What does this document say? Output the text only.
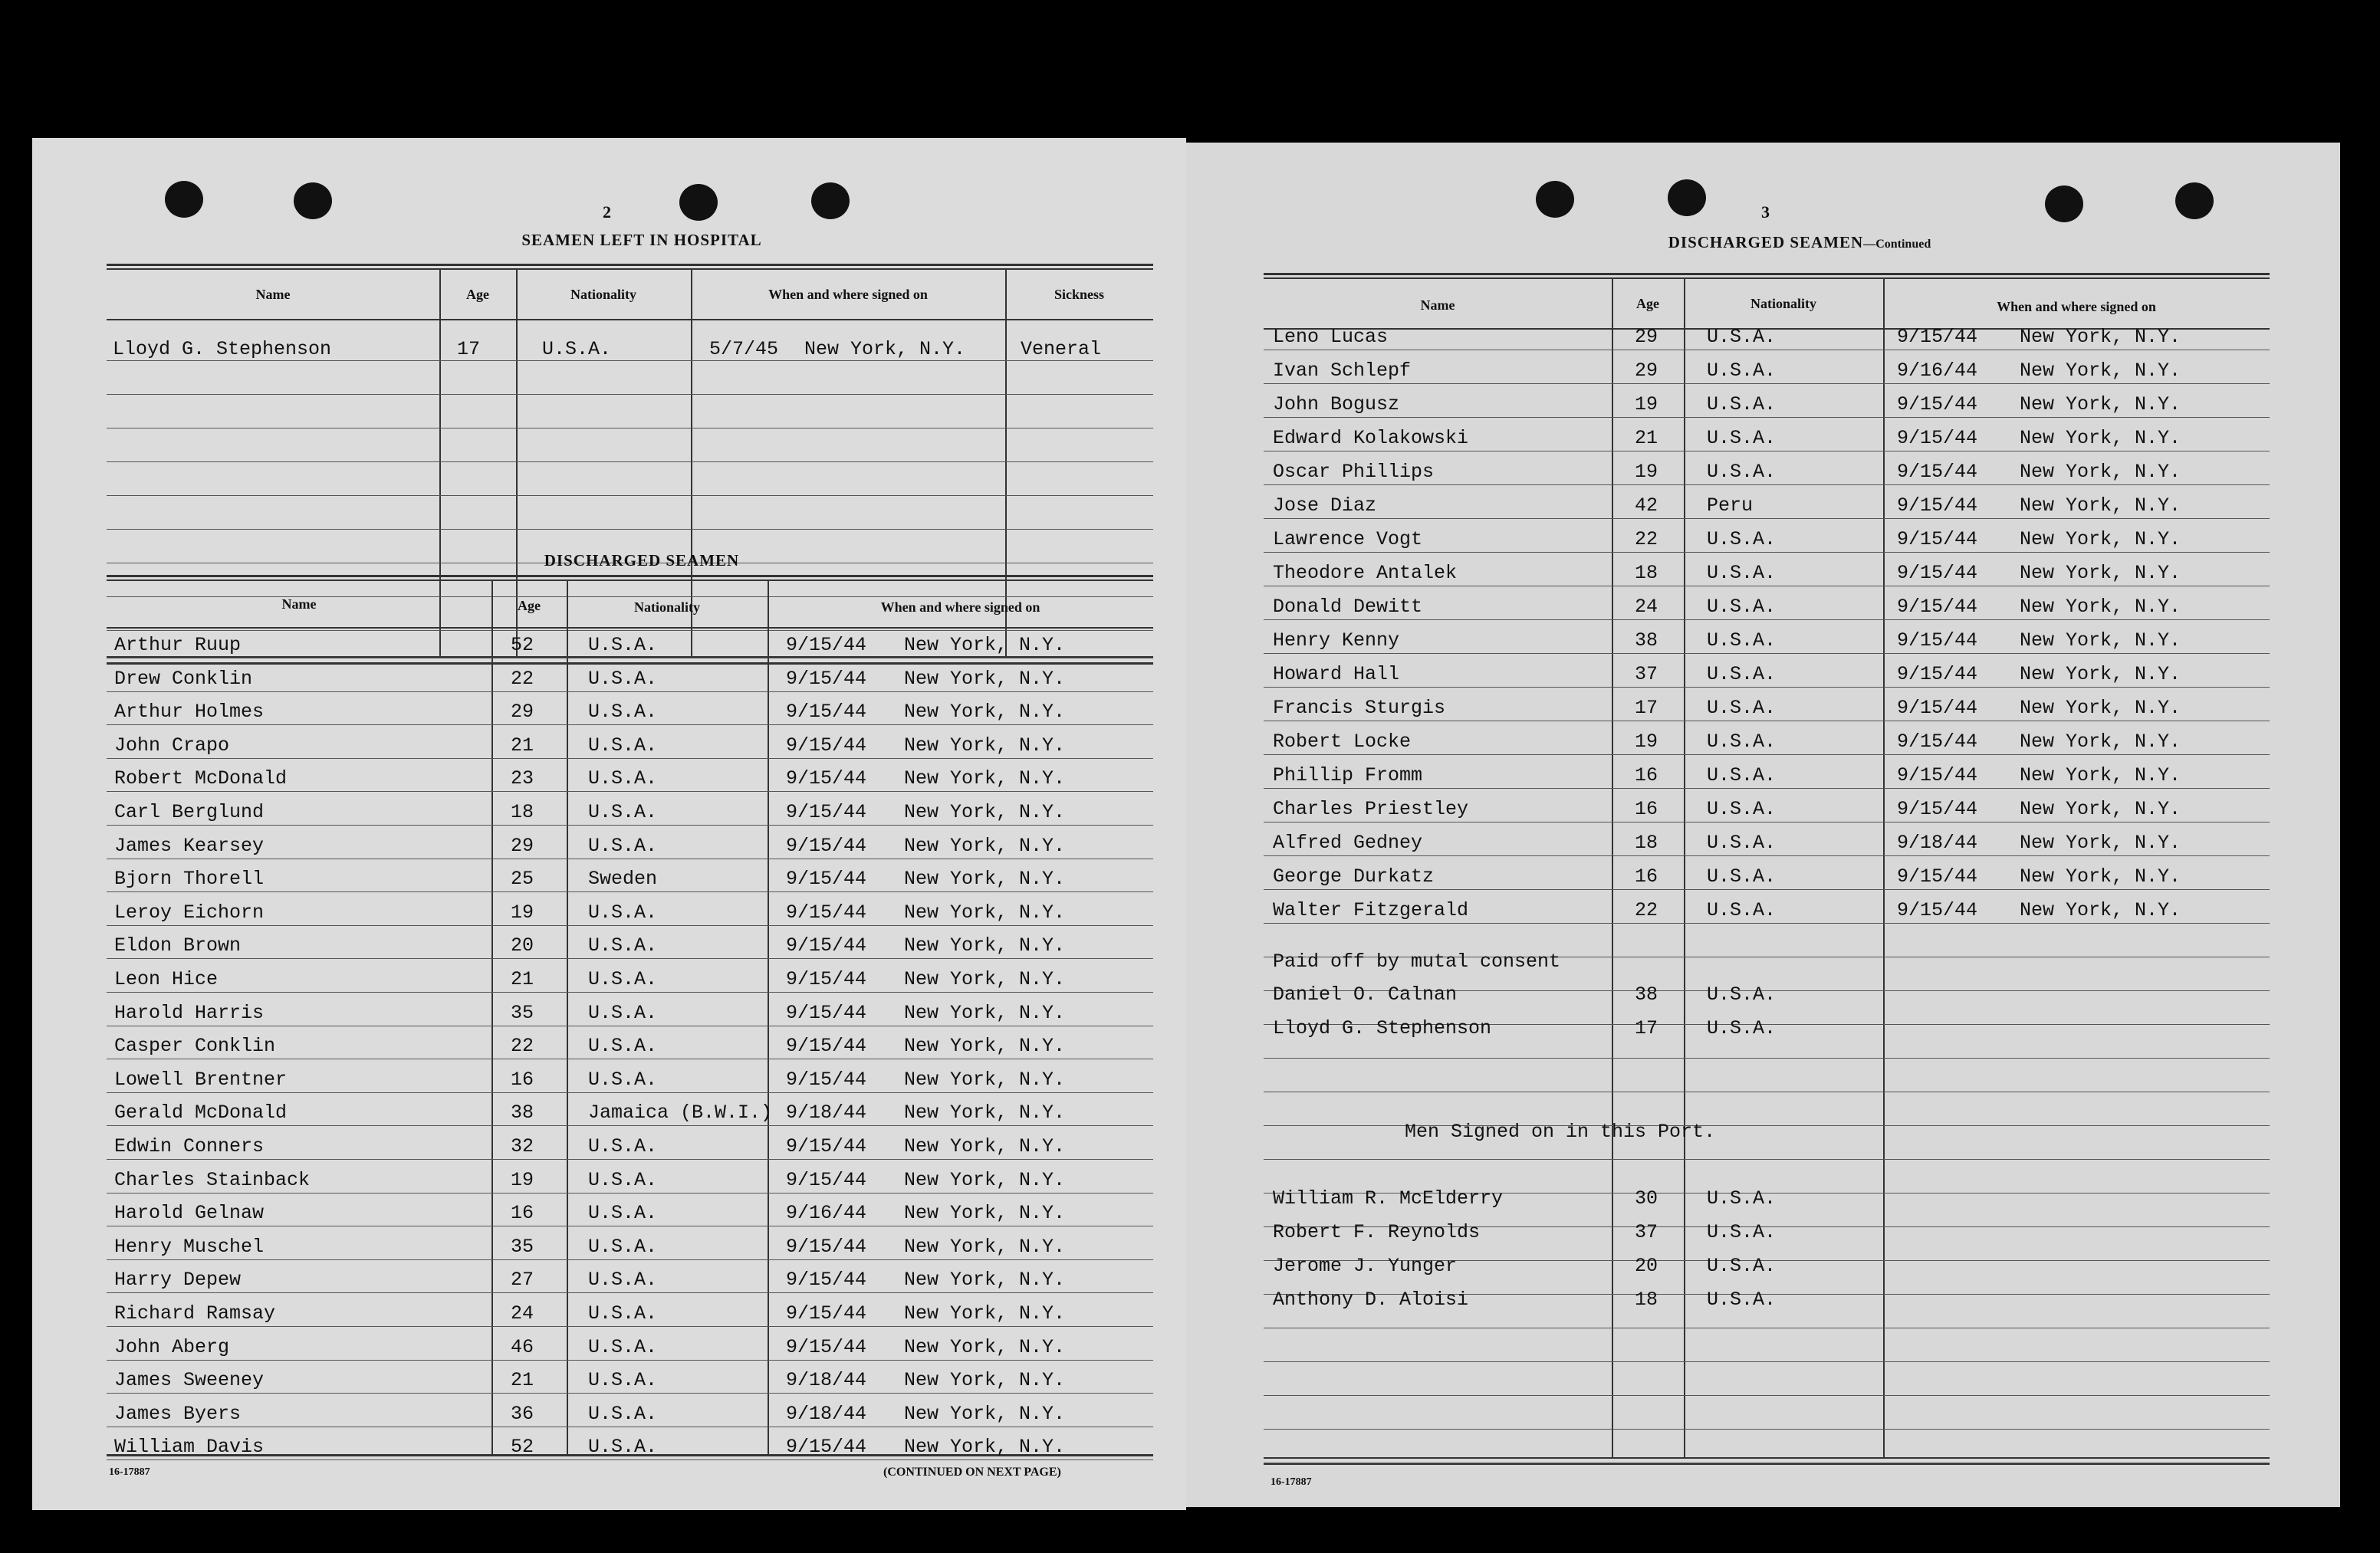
2
SEAMEN LEFT IN HOSPITAL
Name	Age	Nationality	When and where signed on	Sickness
Lloyd G. Stephenson	17	U.S.A.	5/7/45 New York, N.Y.	Veneral
DISCHARGED SEAMEN
Name	Age	Nationality	When and where signed on
Arthur Ruup	52	U.S.A.	9/15/44 New York, N.Y.
Drew Conklin	22	U.S.A.	9/15/44 New York, N.Y.
Arthur Holmes	29	U.S.A.	9/15/44 New York, N.Y.
John Crapo	21	U.S.A.	9/15/44 New York, N.Y.
Robert McDonald	23	U.S.A.	9/15/44 New York, N.Y.
Carl Berglund	18	U.S.A.	9/15/44 New York, N.Y.
James Kearsey	29	U.S.A.	9/15/44 New York, N.Y.
Bjorn Thorell	25	Sweden	9/15/44 New York, N.Y.
Leroy Eichorn	19	U.S.A.	9/15/44 New York, N.Y.
Eldon Brown	20	U.S.A.	9/15/44 New York, N.Y.
Leon Hice	21	U.S.A.	9/15/44 New York, N.Y.
Harold Harris	35	U.S.A.	9/15/44 New York, N.Y.
Casper Conklin	22	U.S.A.	9/15/44 New York, N.Y.
Lowell Brentner	16	U.S.A.	9/15/44 New York, N.Y.
Gerald McDonald	38	Jamaica (B.W.I.) 9/18/44 New York, N.Y.
Edwin Conners	32	U.S.A.	9/15/44 New York, N.Y.
Charles Stainback	19	U.S.A.	9/15/44 New York, N.Y.
Harold Gelnaw	16	U.S.A.	9/16/44 New York, N.Y.
Henry Muschel	35	U.S.A.	9/15/44 New York, N.Y.
Harry Depew	27	U.S.A.	9/15/44 New York, N.Y.
Richard Ramsay	24	U.S.A.	9/15/44 New York, N.Y.
John Aberg	46	U.S.A.	9/15/44 New York, N.Y.
James Sweeney	21	U.S.A.	9/18/44 New York, N.Y.
James Byers	36	U.S.A.	9/18/44 New York, N.Y.
William Davis	52	U.S.A.	9/15/44 New York, N.Y.
16-17887	(CONTINUED ON NEXT PAGE)
3
DISCHARGED SEAMEN—Continued
Name	Age	Nationality	When and where signed on
Leno Lucas	29	U.S.A.	9/15/44 New York, N.Y.
Ivan Schlepf	29	U.S.A.	9/16/44 New York, N.Y.
John Bogusz	19	U.S.A.	9/15/44 New York, N.Y.
Edward Kolakowski	21	U.S.A.	9/15/44 New York, N.Y.
Oscar Phillips	19	U.S.A.	9/15/44 New York, N.Y.
Jose Diaz	42	Peru	9/15/44 New York, N.Y.
Lawrence Vogt	22	U.S.A.	9/15/44 New York, N.Y.
Theodore Antalek	18	U.S.A.	9/15/44 New York, N.Y.
Donald Dewitt	24	U.S.A.	9/15/44 New York, N.Y.
Henry Kenny	38	U.S.A.	9/15/44 New York, N.Y.
Howard Hall	37	U.S.A.	9/15/44 New York, N.Y.
Francis Sturgis	17	U.S.A.	9/15/44 New York, N.Y.
Robert Locke	19	U.S.A.	9/15/44 New York, N.Y.
Phillip Fromm	16	U.S.A.	9/15/44 New York, N.Y.
Charles Priestley	16	U.S.A.	9/15/44 New York, N.Y.
Alfred Gedney	18	U.S.A.	9/18/44 New York, N.Y.
George Durkatz	16	U.S.A.	9/15/44 New York, N.Y.
Walter Fitzgerald	22	U.S.A.	9/15/44 New York, N.Y.
Daniel O. Calnan	38	U.S.A.
Lloyd G. Stephenson	17	U.S.A.
William R. McElderry	30	U.S.A.
Robert F. Reynolds	37	U.S.A.
Jerome J. Yunger	20	U.S.A.
Anthony D. Aloisi	18	U.S.A.
Paid off by mutal consent
Men Signed on in this Port.
16-17887
